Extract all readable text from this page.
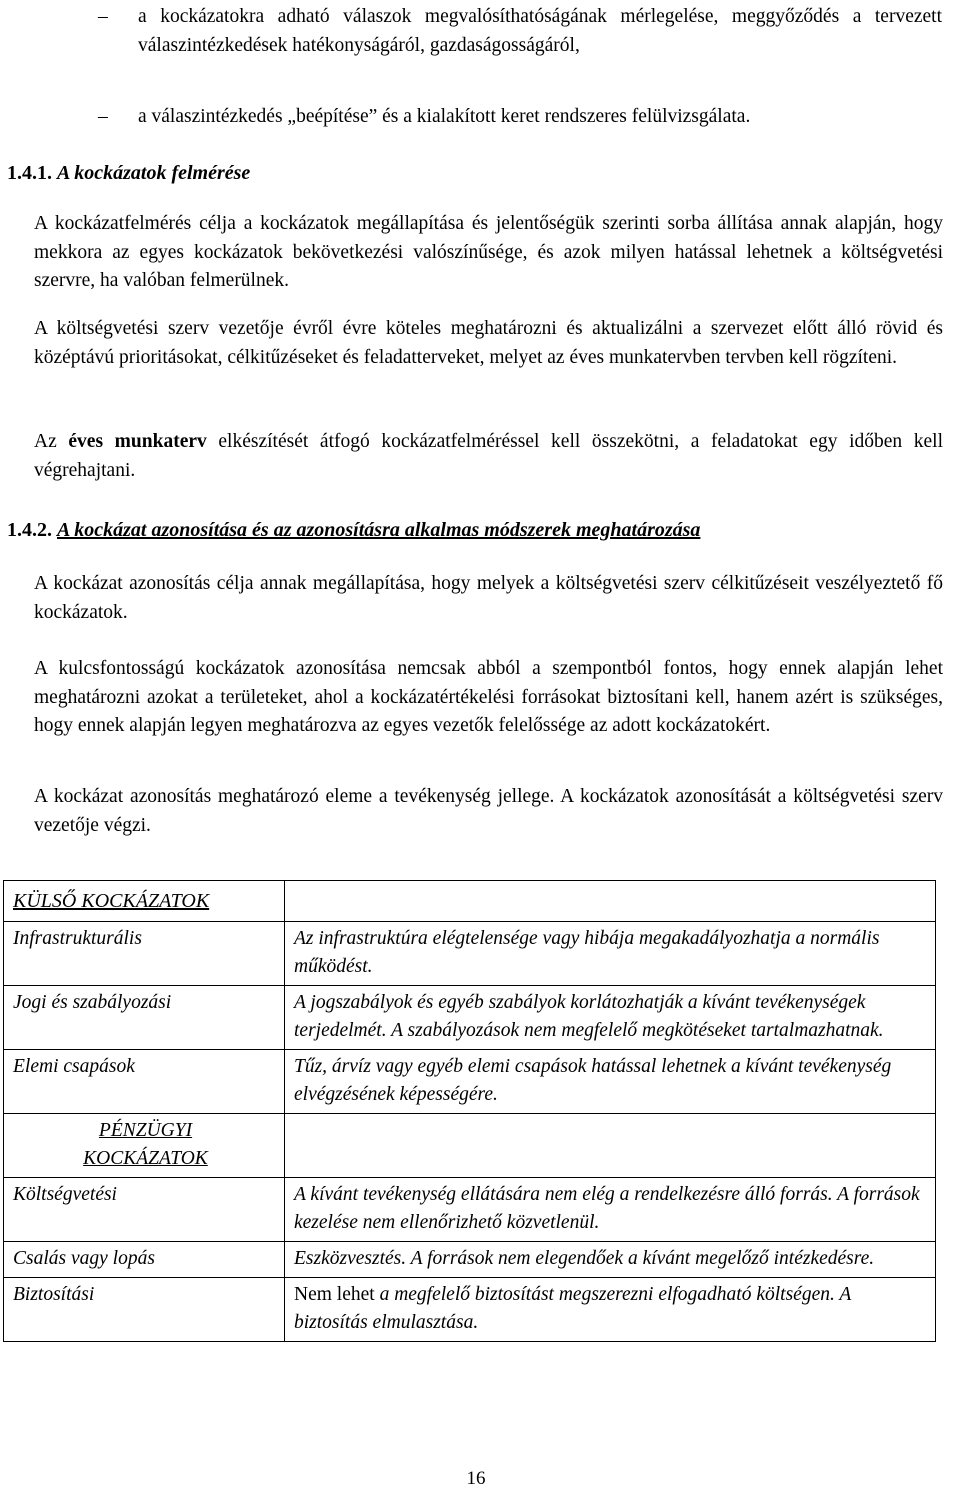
–	a kockázatokra adható válaszok megvalósíthatóságának mérlegelése, meggyőződés a tervezett válaszintézkedések hatékonyságáról, gazdaságosságáról,
–	a válaszintézkedés „beépítése” és a kialakított keret rendszeres felülvizsgálata.
1.4.1. A kockázatok felmérése
A kockázatfelmérés célja a kockázatok megállapítása és jelentőségük szerinti sorba állítása annak alapján, hogy mekkora az egyes kockázatok bekövetkezési valószínűsége, és azok milyen hatással lehetnek a költségvetési szervre, ha valóban felmerülnek.
A költségvetési szerv vezetője évről évre köteles meghatározni és aktualizálni a szervezet előtt álló rövid és középtávú prioritásokat, célkitűzéseket és feladatterveket, melyet az éves munkatervben tervben kell rögzíteni.
Az éves munkaterv elkészítését átfogó kockázatfelméréssel kell összekötni, a feladatokat egy időben kell végrehajtani.
1.4.2. A kockázat azonosítása és az azonosításra alkalmas módszerek meghatározása
A kockázat azonosítás célja annak megállapítása, hogy melyek a költségvetési szerv célkitűzéseit veszélyeztető fő kockázatok.
A kulcsfontosságú kockázatok azonosítása nemcsak abból a szempontból fontos, hogy ennek alapján lehet meghatározni azokat a területeket, ahol a kockázatértékelési forrásokat biztosítani kell, hanem azért is szükséges, hogy ennek alapján legyen meghatározva az egyes vezetők felelőssége az adott kockázatokért.
A kockázat azonosítás meghatározó eleme a tevékenység jellege. A kockázatok azonosítását a költségvetési szerv vezetője végzi.
KÜLSŐ KOCKÁZATOK	
Infrastrukturális	Az infrastruktúra elégtelensége vagy hibája megakadályozhatja a normális működést.
Jogi és szabályozási	A jogszabályok és egyéb szabályok korlátozhatják a kívánt tevékenységek terjedelmét. A szabályozások nem megfelelő megkötéseket tartalmazhatnak.
Elemi csapások	Tűz, árvíz vagy egyéb elemi csapások hatással lehetnek a kívánt tevékenység elvégzésének képességére.
PÉNZÜGYI
KOCKÁZATOK	
Költségvetési	A kívánt tevékenység ellátására nem elég a rendelkezésre álló forrás. A források kezelése nem ellenőrizhető közvetlenül.
Csalás vagy lopás	Eszközvesztés. A források nem elegendőek a kívánt megelőző intézkedésre.
Biztosítási	Nem lehet a megfelelő biztosítást megszerezni elfogadható költségen. A biztosítás elmulasztása.
16
